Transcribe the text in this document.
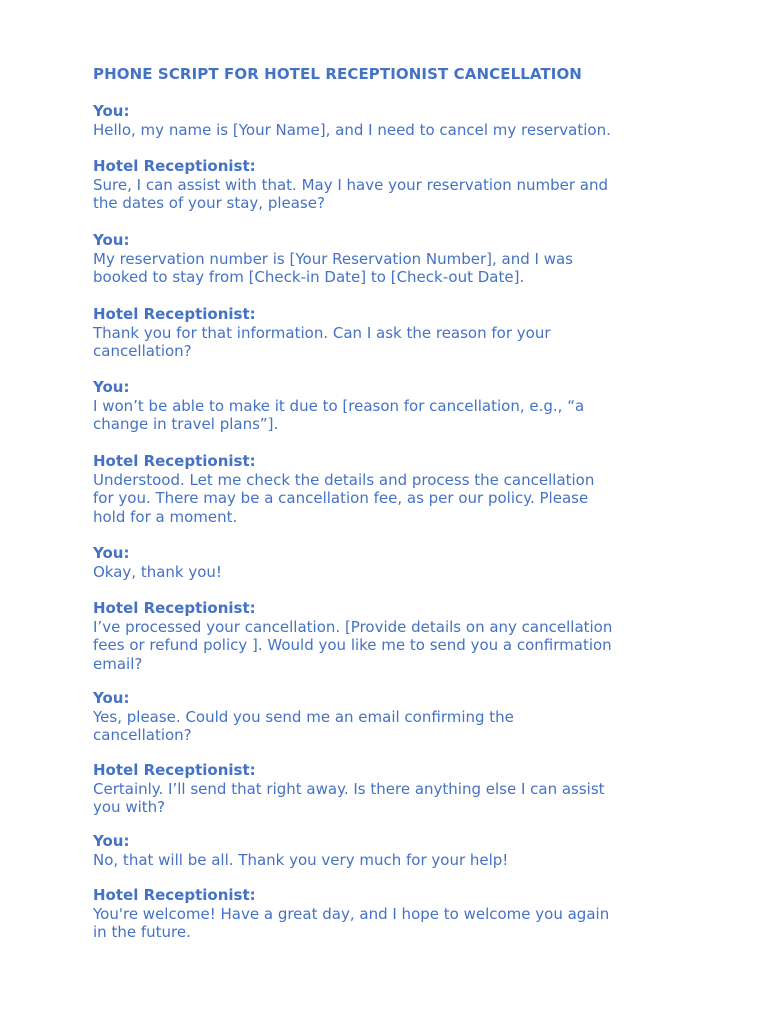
PHONE SCRIPT FOR HOTEL RECEPTIONIST CANCELLATION
You:
Hello, my name is [Your Name], and I need to cancel my reservation.
Hotel Receptionist:
Sure, I can assist with that. May I have your reservation number and
the dates of your stay, please?
You:
My reservation number is [Your Reservation Number], and I was
booked to stay from [Check-in Date] to [Check-out Date].
Hotel Receptionist:
Thank you for that information. Can I ask the reason for your
cancellation?
You:
I won’t be able to make it due to [reason for cancellation, e.g., “a
change in travel plans”].
Hotel Receptionist:
Understood. Let me check the details and process the cancellation
for you. There may be a cancellation fee, as per our policy. Please
hold for a moment.
You:
Okay, thank you!
Hotel Receptionist:
I’ve processed your cancellation. [Provide details on any cancellation
fees or refund policy ]. Would you like me to send you a confirmation
email?
You:
Yes, please. Could you send me an email confirming the
cancellation?
Hotel Receptionist:
Certainly. I’ll send that right away. Is there anything else I can assist
you with?
You:
No, that will be all. Thank you very much for your help!
Hotel Receptionist:
You're welcome! Have a great day, and I hope to welcome you again
in the future.
